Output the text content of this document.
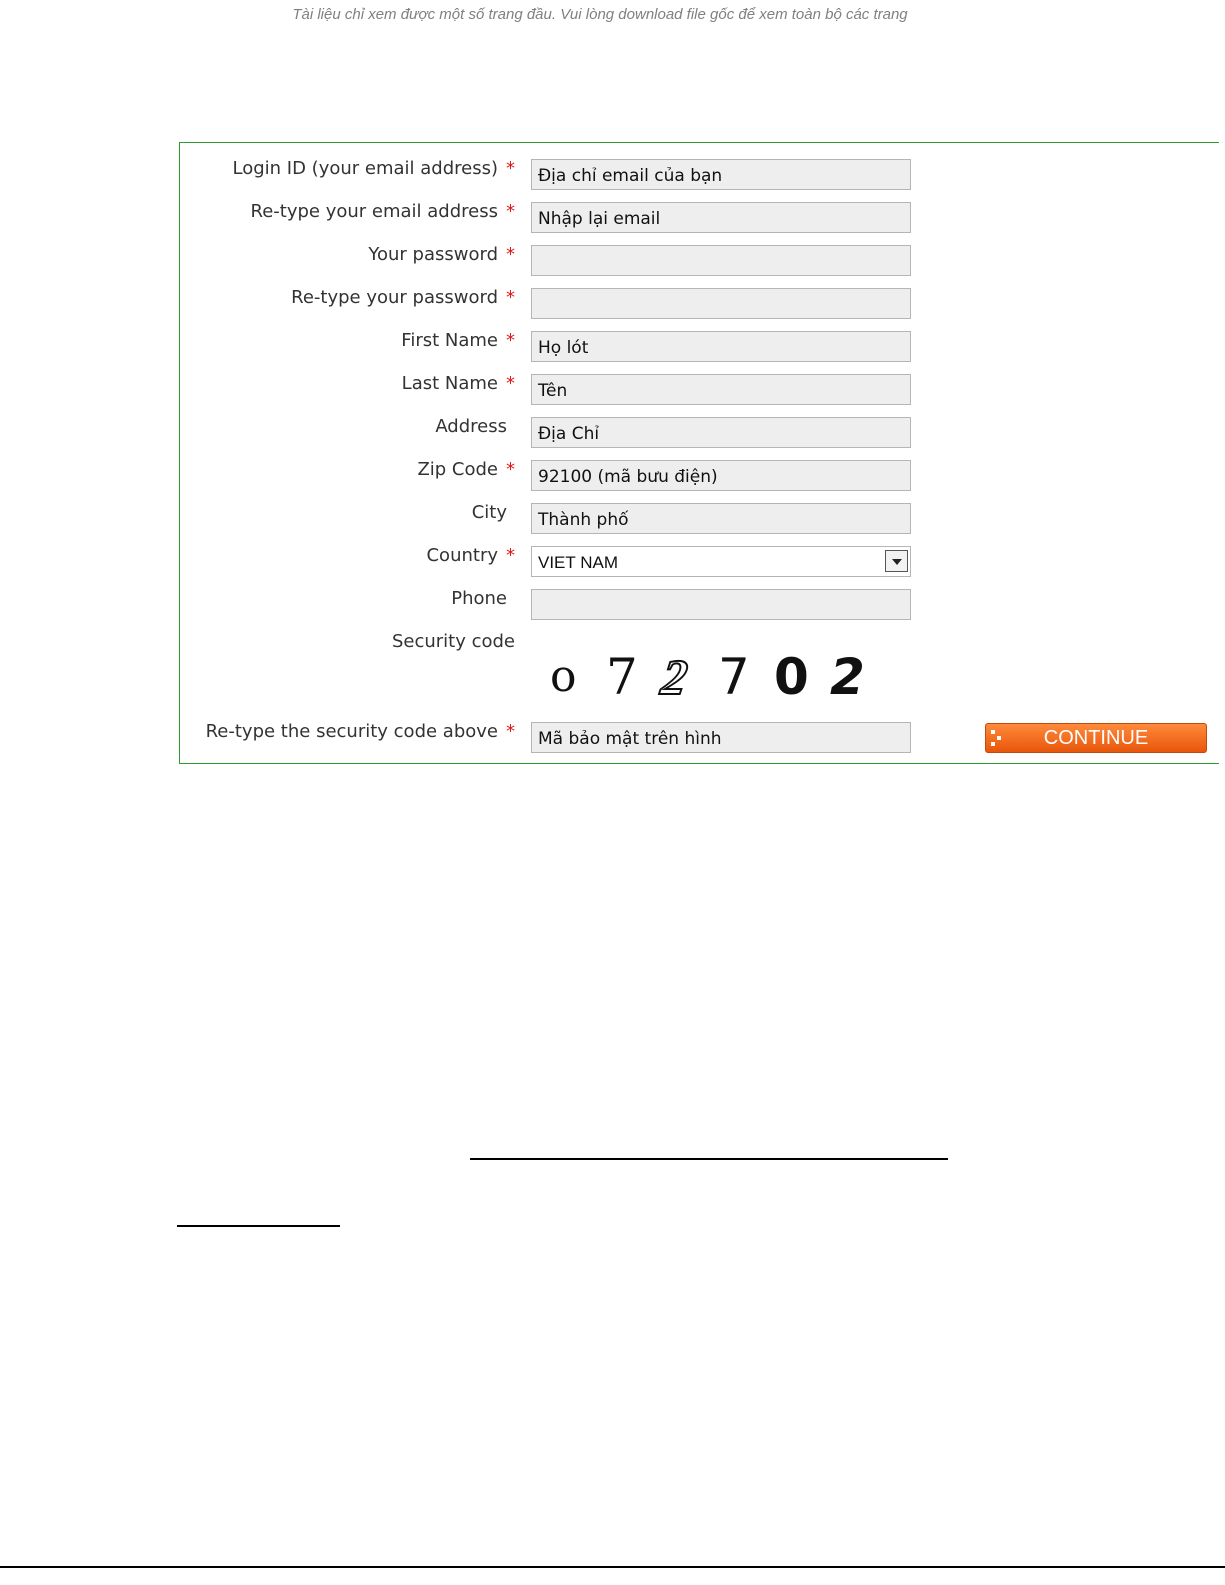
Tài liệu chỉ xem được một số trang đầu. Vui lòng download file gốc để xem toàn bộ các trang
Login ID (your email address) *	Địa chỉ email của bạn
Re-type your email address *	Nhập lại email
Your password *
Re-type your password *
First Name *	Họ lót
Last Name *	Tên
Address	Địa Chỉ
Zip Code *	92100 (mã bưu điện)
City	Thành phố
Country *	VIET NAM
Phone
Security code
o 7 2 7 0 2
Re-type the security code above *	Mã bảo mật trên hình	CONTINUE
